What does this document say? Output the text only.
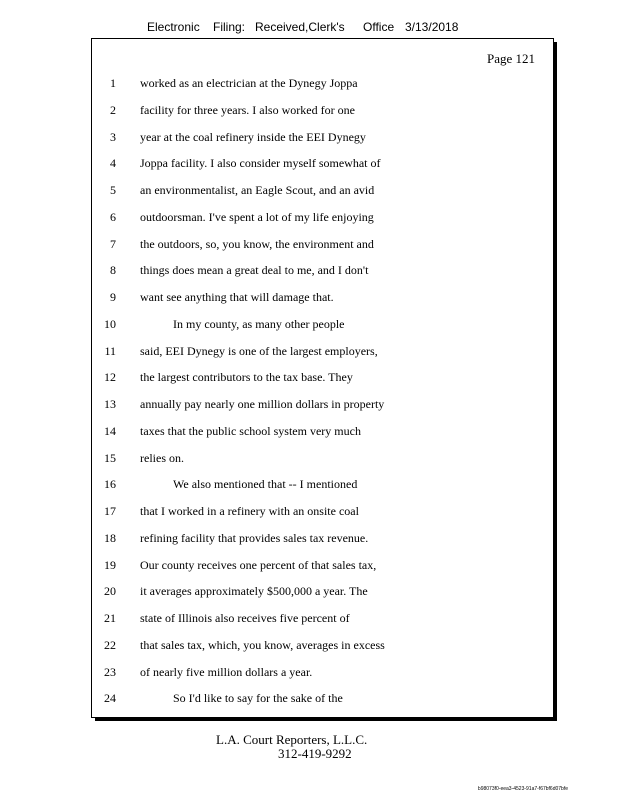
Electronic Filing: Received,Clerk's Office 3/13/2018
Page 121
1 worked as an electrician at the Dynegy Joppa
2 facility for three years. I also worked for one
3 year at the coal refinery inside the EEI Dynegy
4 Joppa facility. I also consider myself somewhat of
5 an environmentalist, an Eagle Scout, and an avid
6 outdoorsman. I've spent a lot of my life enjoying
7 the outdoors, so, you know, the environment and
8 things does mean a great deal to me, and I don't
9 want see anything that will damage that.
10	In my county, as many other people
11 said, EEI Dynegy is one of the largest employers,
12 the largest contributors to the tax base. They
13 annually pay nearly one million dollars in property
14 taxes that the public school system very much
15 relies on.
16	We also mentioned that -- I mentioned
17 that I worked in a refinery with an onsite coal
18 refining facility that provides sales tax revenue.
19 Our county receives one percent of that sales tax,
20 it averages approximately $500,000 a year. The
21 state of Illinois also receives five percent of
22 that sales tax, which, you know, averages in excess
23 of nearly five million dollars a year.
24	So I'd like to say for the sake of the
L.A. Court Reporters, L.L.C.
312-419-9292
b98073f0-eea3-4523-91a7-f67bf6d07bfe
